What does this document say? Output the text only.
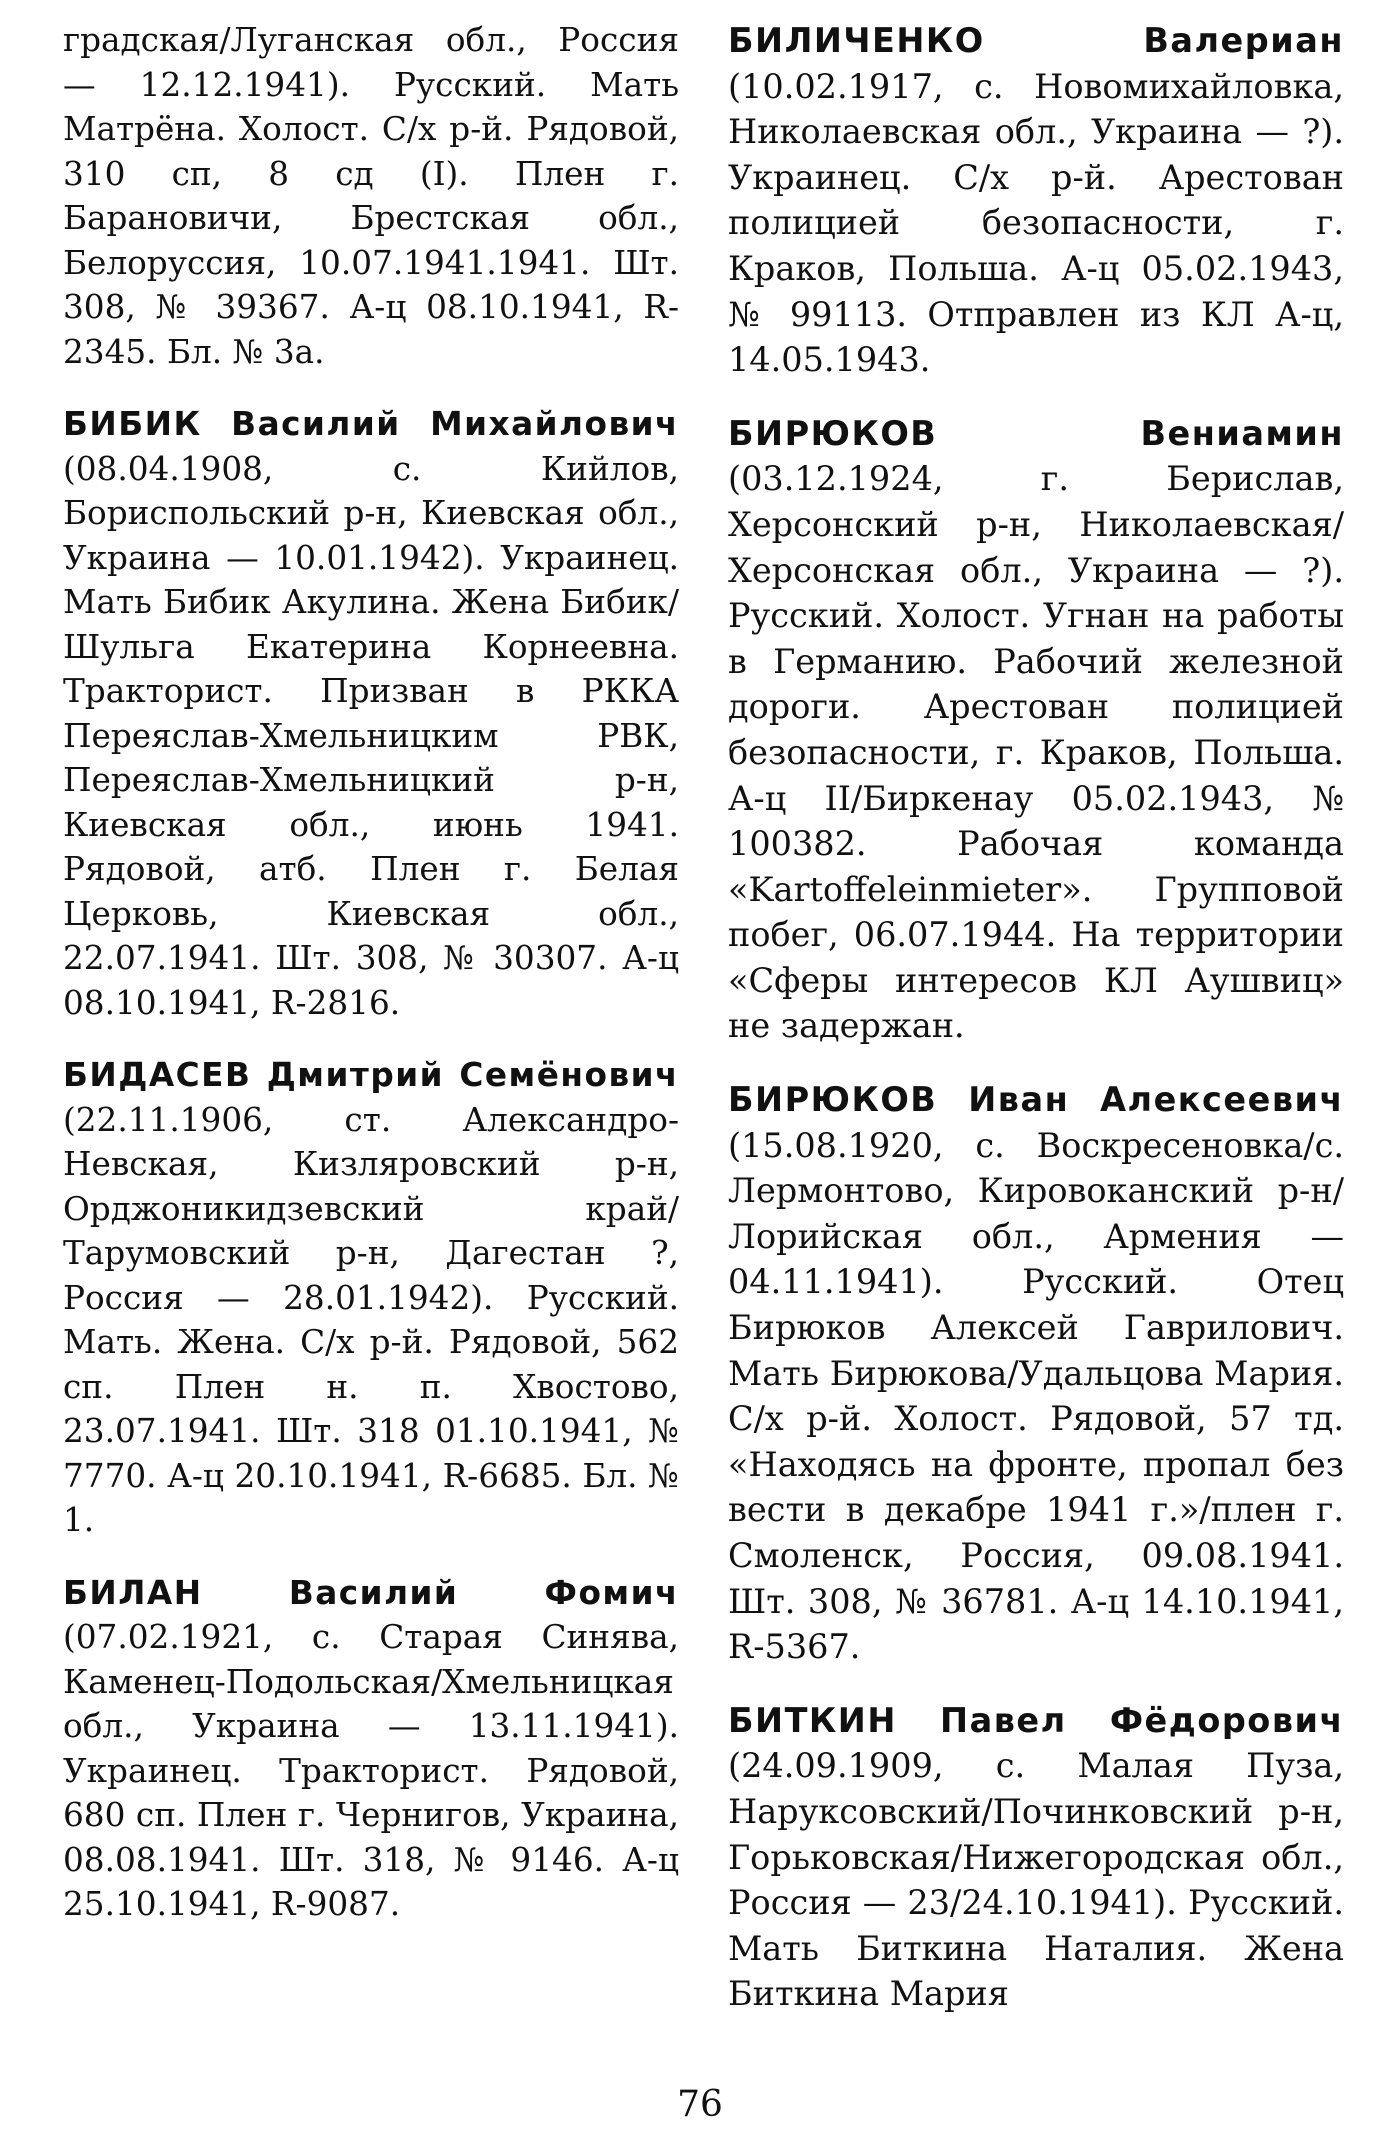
градская/Луганская обл., Россия — 12.12.1941). Русский. Мать Матрёна. Холост. С/х р-й. Рядовой, 310 сп, 8 сд (I). Плен г. Барановичи, Брестская обл., Белоруссия, 10.07.1941.1941. Шт. 308, № 39367. А-ц 08.10.1941, R-2345. Бл. № 3а.

БИБИК Василий Михайлович (08.04.1908, с. Кийлов, Бориспольский р-н, Киевская обл., Украина — 10.01.1942). Украинец. Мать Бибик Акулина. Жена Бибик/Шульга Екатерина Корнеевна. Тракторист. Призван в РККА Переяслав-Хмельницким РВК, Переяслав-Хмельницкий р-н, Киевская обл., июнь 1941. Рядовой, атб. Плен г. Белая Церковь, Киевская обл., 22.07.1941. Шт. 308, № 30307. А-ц 08.10.1941, R-2816.

БИДАСЕВ Дмитрий Семёнович (22.11.1906, ст. Александро-Невская, Кизляровский р-н, Орджоникидзевский край/Тарумовский р-н, Дагестан ?, Россия — 28.01.1942). Русский. Мать. Жена. С/х р-й. Рядовой, 562 сп. Плен н. п. Хвостово, 23.07.1941. Шт. 318 01.10.1941, № 7770. А-ц 20.10.1941, R-6685. Бл. № 1.

БИЛАН Василий Фомич (07.02.1921, с. Старая Синява, Каменец-Подольская/Хмельницкая обл., Украина — 13.11.1941). Украинец. Тракторист. Рядовой, 680 сп. Плен г. Чернигов, Украина, 08.08.1941. Шт. 318, № 9146. А-ц 25.10.1941, R-9087.

БИЛИЧЕНКО Валериан (10.02.1917, с. Новомихайловка, Николаевская обл., Украина — ?). Украинец. С/х р-й. Арестован полицией безопасности, г. Краков, Польша. А-ц 05.02.1943, № 99113. Отправлен из КЛ А-ц, 14.05.1943.

БИРЮКОВ Вениамин (03.12.1924, г. Берислав, Херсонский р-н, Николаевская/Херсонская обл., Украина — ?). Русский. Холост. Угнан на работы в Германию. Рабочий железной дороги. Арестован полицией безопасности, г. Краков, Польша. А-ц II/Биркенау 05.02.1943, № 100382. Рабочая команда «Kartoffeleinmieter». Групповой побег, 06.07.1944. На территории «Сферы интересов КЛ Аушвиц» не задержан.

БИРЮКОВ Иван Алексеевич (15.08.1920, с. Воскресеновка/с. Лермонтово, Кировоканский р-н/Лорийская обл., Армения — 04.11.1941). Русский. Отец Бирюков Алексей Гаврилович. Мать Бирюкова/Удальцова Мария. С/х р-й. Холост. Рядовой, 57 тд. «Находясь на фронте, пропал без вести в декабре 1941 г.»/плен г. Смоленск, Россия, 09.08.1941. Шт. 308, № 36781. А-ц 14.10.1941, R-5367.

БИТКИН Павел Фёдорович (24.09.1909, с. Малая Пуза, Наруксовский/Починковский р-н, Горьковская/Нижегородская обл., Россия — 23/24.10.1941). Русский. Мать Биткина Наталия. Жена Биткина Мария

76
